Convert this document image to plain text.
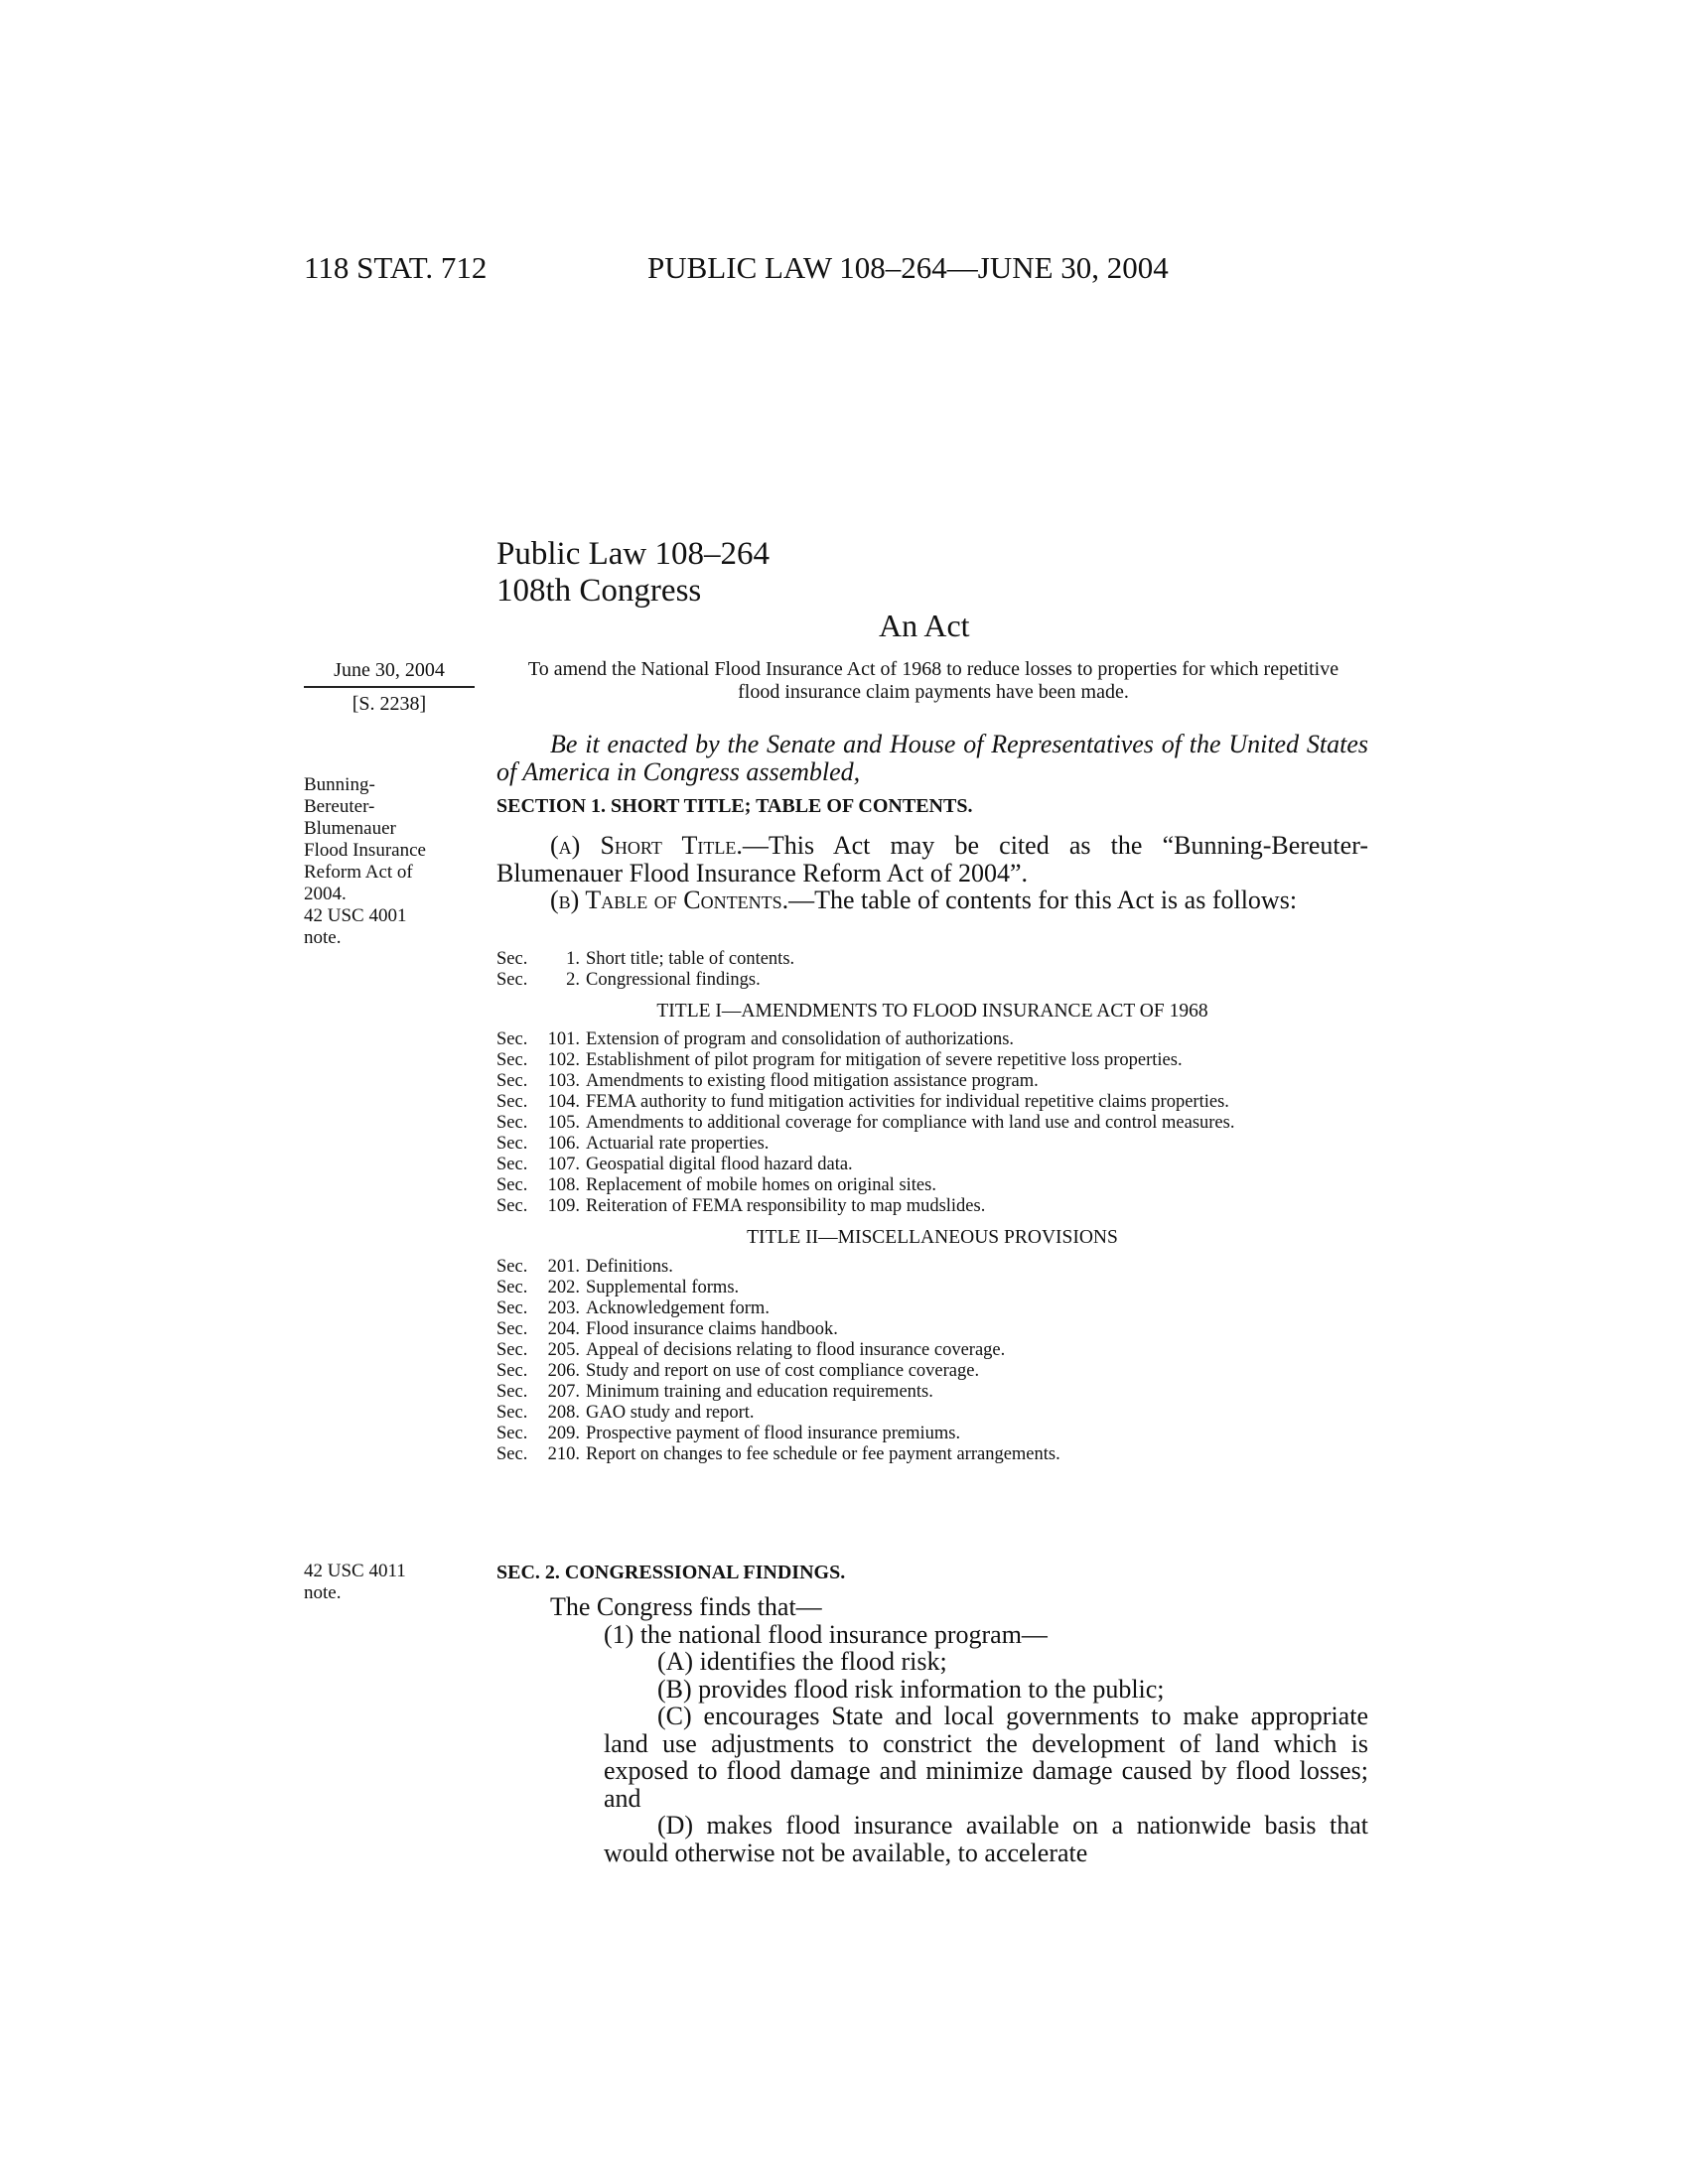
118 STAT. 712	PUBLIC LAW 108–264—JUNE 30, 2004
Public Law 108–264
108th Congress
An Act
June 30, 2004
[S. 2238]
To amend the National Flood Insurance Act of 1968 to reduce losses to properties for which repetitive flood insurance claim payments have been made.
Bunning-
Bereuter-
Blumenauer
Flood Insurance
Reform Act of
2004.
42 USC 4001
note.
Be it enacted by the Senate and House of Representatives of the United States of America in Congress assembled,
SECTION 1. SHORT TITLE; TABLE OF CONTENTS.
(a) Short Title.—This Act may be cited as the “Bunning-Bereuter-Blumenauer Flood Insurance Reform Act of 2004”.
(b) Table of Contents.—The table of contents for this Act is as follows:
Sec.	1. Short title; table of contents.
Sec.	2. Congressional findings.
TITLE I—AMENDMENTS TO FLOOD INSURANCE ACT OF 1968
Sec.	101. Extension of program and consolidation of authorizations.
Sec.	102. Establishment of pilot program for mitigation of severe repetitive loss properties.
Sec.	103. Amendments to existing flood mitigation assistance program.
Sec.	104. FEMA authority to fund mitigation activities for individual repetitive claims properties.
Sec.	105. Amendments to additional coverage for compliance with land use and control measures.
Sec.	106. Actuarial rate properties.
Sec.	107. Geospatial digital flood hazard data.
Sec.	108. Replacement of mobile homes on original sites.
Sec.	109. Reiteration of FEMA responsibility to map mudslides.
TITLE II—MISCELLANEOUS PROVISIONS
Sec.	201. Definitions.
Sec.	202. Supplemental forms.
Sec.	203. Acknowledgement form.
Sec.	204. Flood insurance claims handbook.
Sec.	205. Appeal of decisions relating to flood insurance coverage.
Sec.	206. Study and report on use of cost compliance coverage.
Sec.	207. Minimum training and education requirements.
Sec.	208. GAO study and report.
Sec.	209. Prospective payment of flood insurance premiums.
Sec.	210. Report on changes to fee schedule or fee payment arrangements.
42 USC 4011
note.
SEC. 2. CONGRESSIONAL FINDINGS.

The Congress finds that—

(1) the national flood insurance program—

(A) identifies the flood risk;

(B) provides flood risk information to the public;

(C) encourages State and local governments to make appropriate land use adjustments to constrict the development of land which is exposed to flood damage and minimize damage caused by flood losses; and

(D) makes flood insurance available on a nationwide basis that would otherwise not be available, to accelerate
